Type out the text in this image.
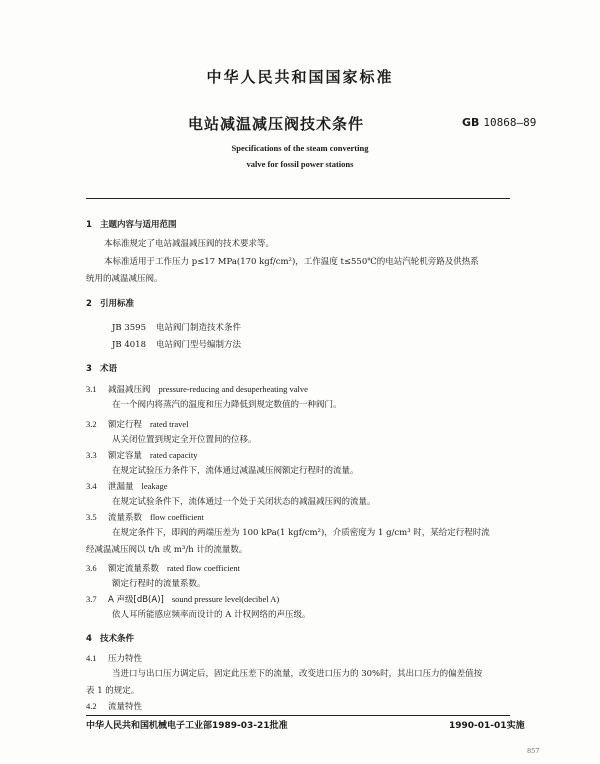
中华人民共和国国家标准
电站减温减压阀技术条件	GB 10868—89
Specifications of the steam converting
valve for fossil power stations
1 主题内容与适用范围
本标准规定了电站减温减压阀的技术要求等。
本标准适用于工作压力 p≤17 MPa(170 kgf/cm²)，工作温度 t≤550℃的电站汽轮机旁路及供热系
统用的减温减压阀。
2 引用标准
JB 3595 电站阀门制造技术条件
JB 4018 电站阀门型号编制方法
3 术语
3.1 减温减压阀 pressure-reducing and desuperheating valve
在一个阀内将蒸汽的温度和压力降低到规定数值的一种阀门。
3.2 额定行程 rated travel
从关闭位置到规定全开位置间的位移。
3.3 额定容量 rated capacity
在规定试验压力条件下，流体通过减温减压阀额定行程时的流量。
3.4 泄漏量 leakage
在规定试验条件下，流体通过一个处于关闭状态的减温减压阀的流量。
3.5 流量系数 flow coefficient
在规定条件下，即阀的两端压差为 100 kPa(1 kgf/cm²)，介质密度为 1 g/cm³ 时，某给定行程时流
经减温减压阀以 t/h 或 m³/h 计的流量数。
3.6 额定流量系数 rated flow coefficient
额定行程时的流量系数。
3.7 A 声级[dB(A)] sound pressure level(decibel A)
依人耳所能感应频率而设计的 A 计权网络的声压级。
4 技术条件
4.1 压力特性
当进口与出口压力调定后，固定此压差下的流量，改变进口压力的 30%时，其出口压力的偏差值按
表 1 的规定。
4.2 流量特性
中华人民共和国机械电子工业部1989-03-21批准	1990-01-01实施
857
